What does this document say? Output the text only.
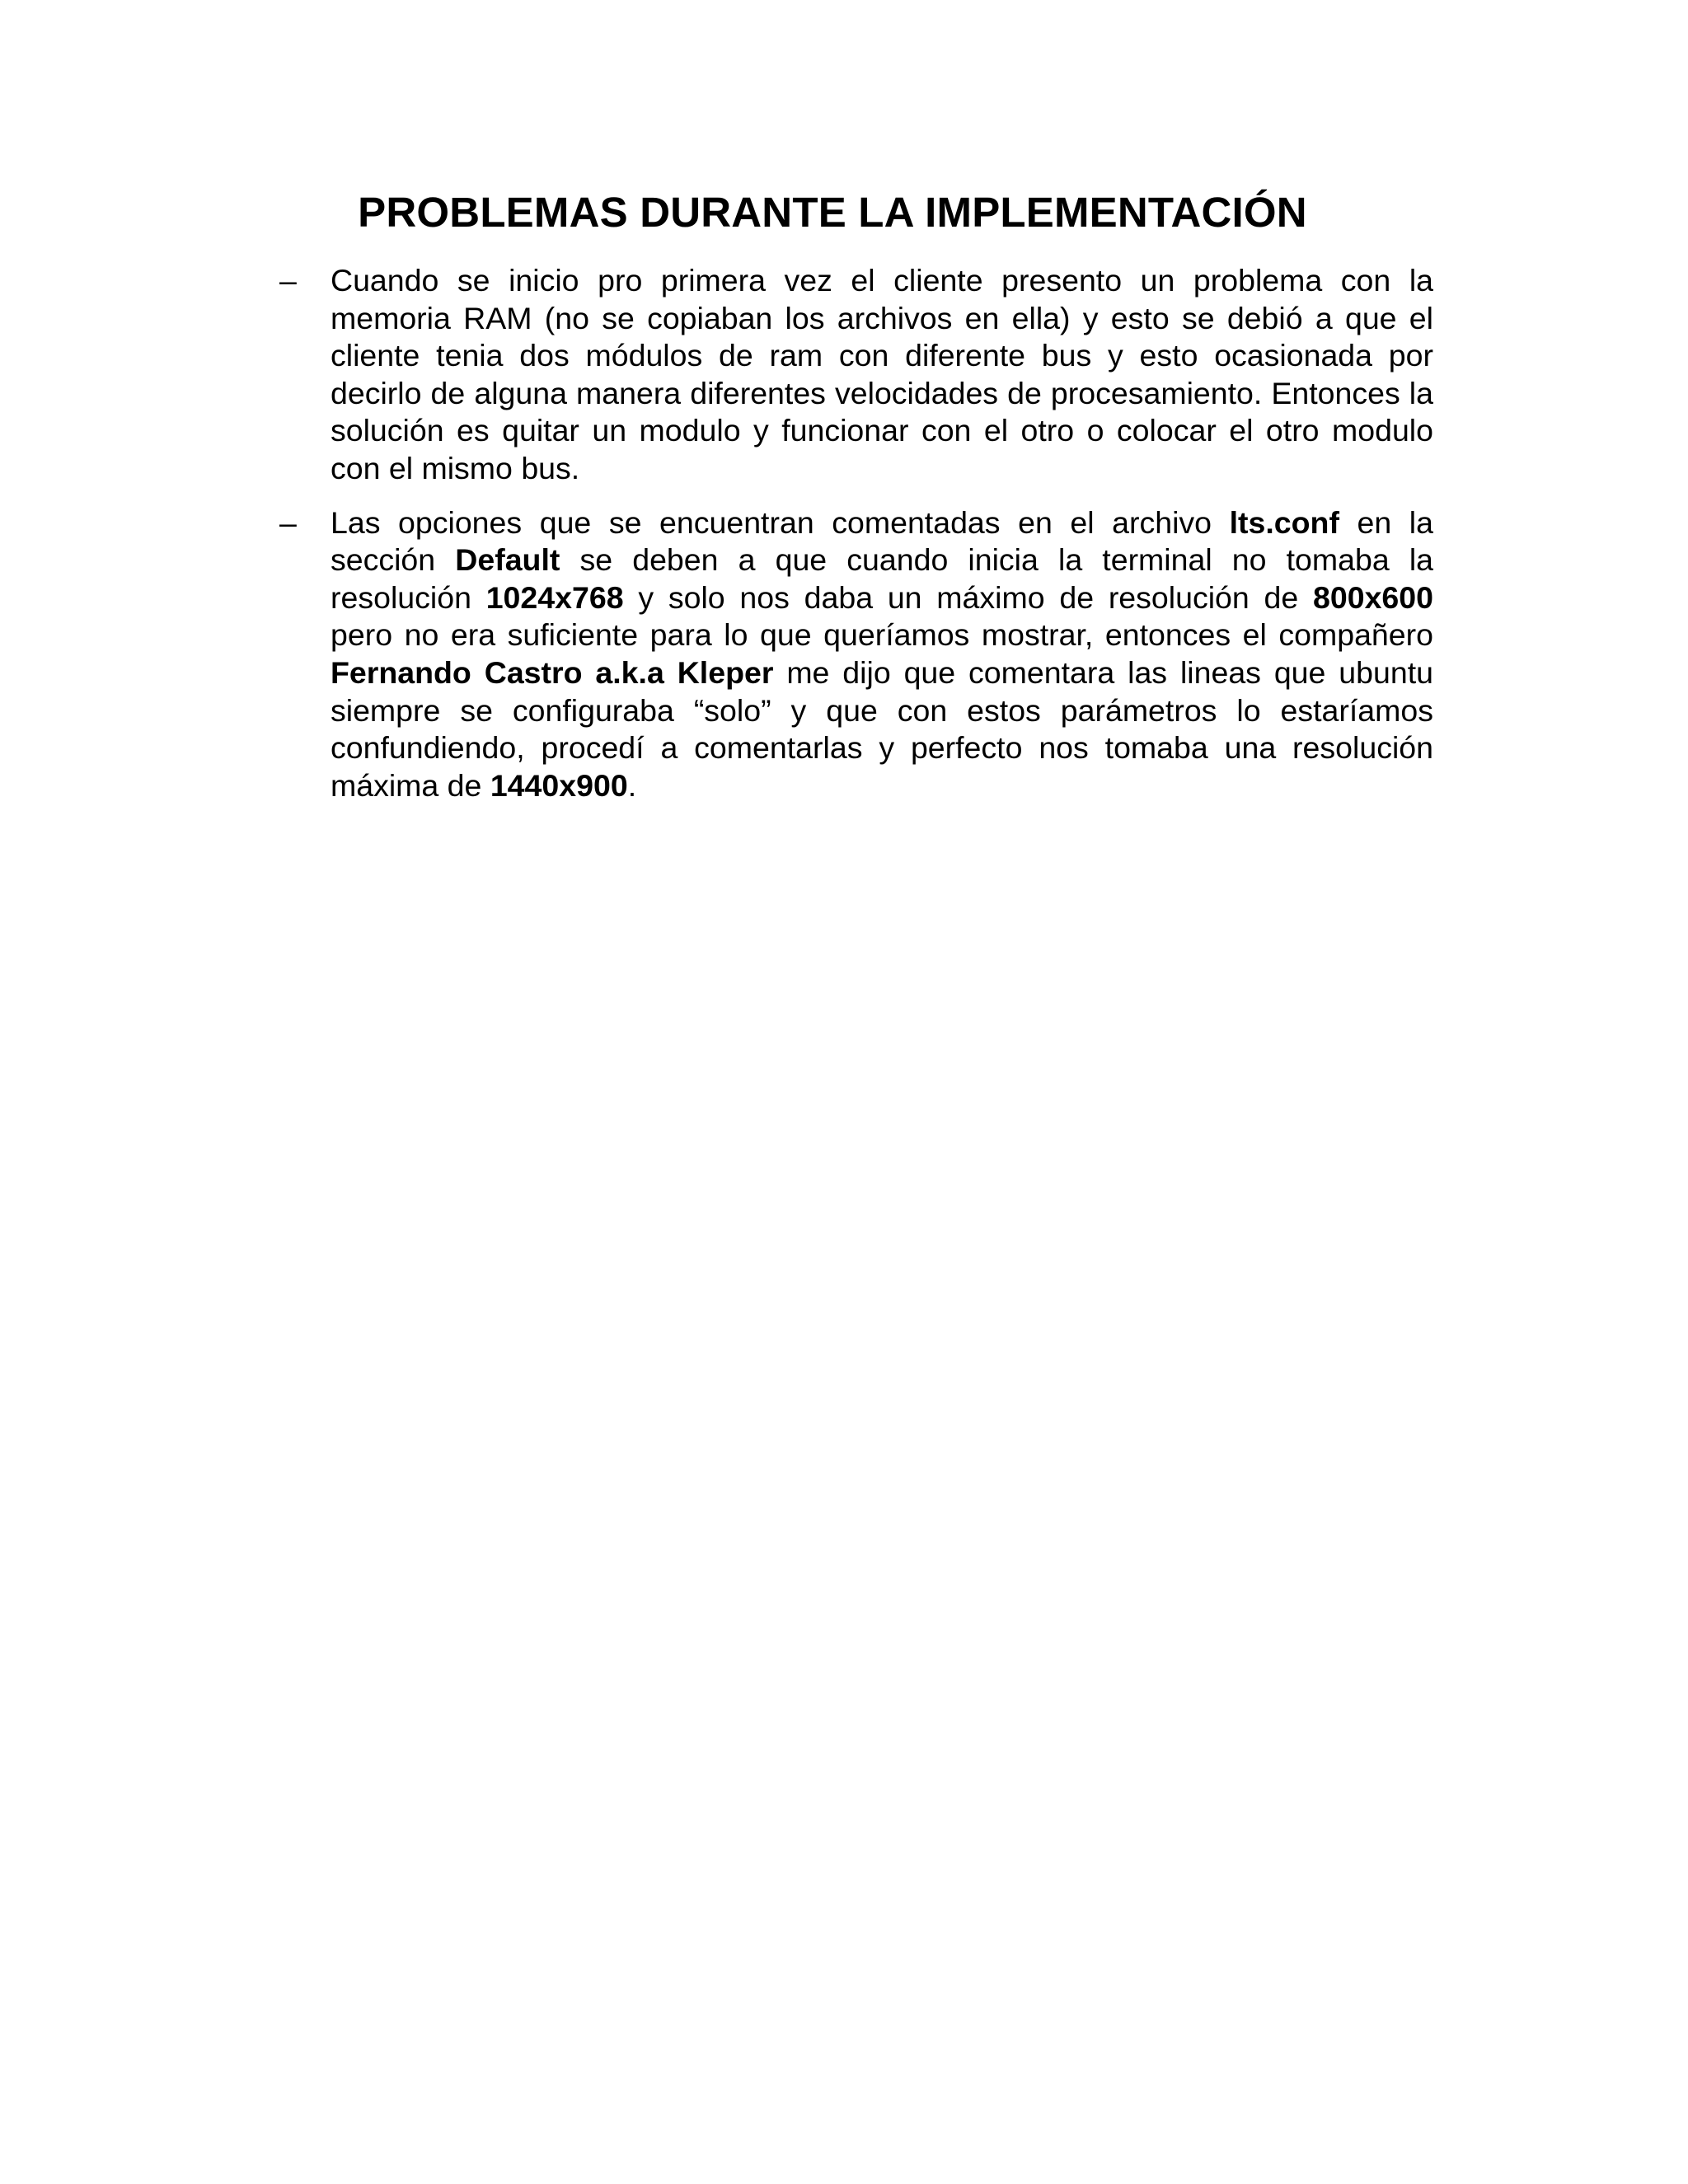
PROBLEMAS DURANTE LA IMPLEMENTACIÓN
– Cuando se inicio pro primera vez el cliente presento un problema con la memoria RAM (no se copiaban los archivos en ella) y esto se debió a que el cliente tenia dos módulos de ram con diferente bus y esto ocasionada por decirlo de alguna manera diferentes velocidades de procesamiento. Entonces la solución es quitar un modulo y funcionar con el otro o colocar el otro modulo con el mismo bus.
– Las opciones que se encuentran comentadas en el archivo lts.conf en la sección Default se deben a que cuando inicia la terminal no tomaba la resolución 1024x768 y solo nos daba un máximo de resolución de 800x600 pero no era suficiente para lo que queríamos mostrar, entonces el compañero Fernando Castro a.k.a Kleper me dijo que comentara las lineas que ubuntu siempre se configuraba “solo” y que con estos parámetros lo estaríamos confundiendo, procedí a comentarlas y perfecto nos tomaba una resolución máxima de 1440x900.
